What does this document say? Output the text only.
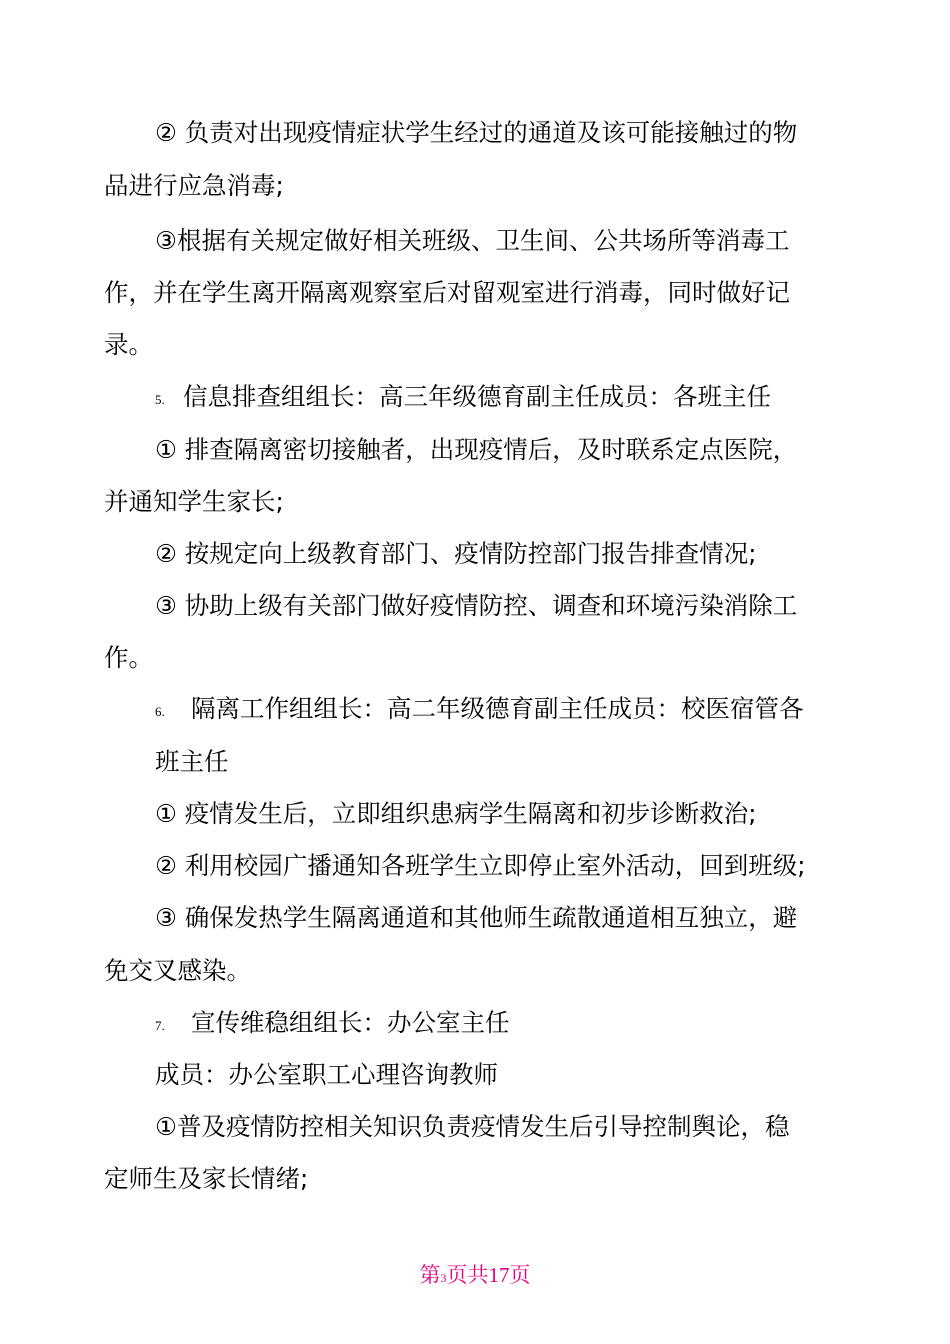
② 负责对出现疫情症状学生经过的通道及该可能接触过的物
品进行应急消毒;
③根据有关规定做好相关班级、卫生间、公共场所等消毒工
作，并在学生离开隔离观察室后对留观室进行消毒，同时做好记
录。
5. 信息排查组组长：高三年级德育副主任成员：各班主任
① 排查隔离密切接触者，出现疫情后，及时联系定点医院，
并通知学生家长;
② 按规定向上级教育部门、疫情防控部门报告排查情况;
③ 协助上级有关部门做好疫情防控、调查和环境污染消除工
作。
6. 隔离工作组组长：高二年级德育副主任成员：校医宿管各
班主任
① 疫情发生后，立即组织患病学生隔离和初步诊断救治;
② 利用校园广播通知各班学生立即停止室外活动，回到班级;
③ 确保发热学生隔离通道和其他师生疏散通道相互独立，避
免交叉感染。
7. 宣传维稳组组长：办公室主任
成员：办公室职工心理咨询教师
①普及疫情防控相关知识负责疫情发生后引导控制舆论，稳
定师生及家长情绪;
第3页共17页
